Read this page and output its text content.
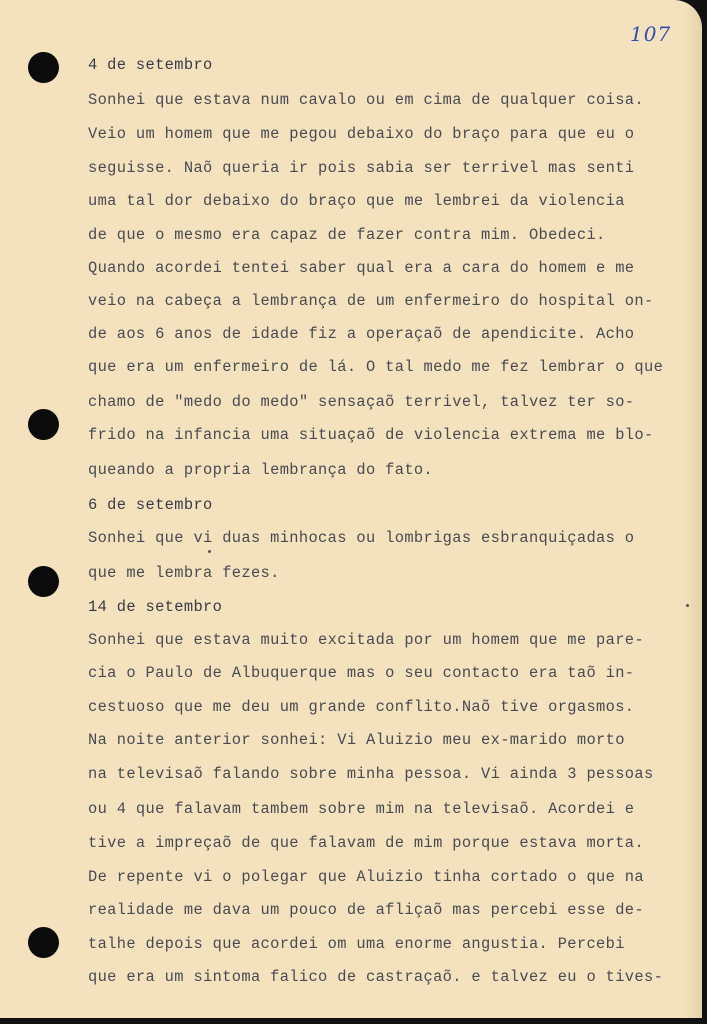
107
4 de setembro
Sonhei que estava num cavalo ou em cima de qualquer coisa.
Veio um homem que me pegou debaixo do braço para que eu o
seguisse. Naõ queria ir pois sabia ser terrivel mas senti
uma tal dor debaixo do braço que me lembrei da violencia
de que o mesmo era capaz de fazer contra mim. Obedeci.
Quando acordei tentei saber qual era a cara do homem e me
veio na cabeça a lembrança de um enfermeiro do hospital on-
de aos 6 anos de idade fiz a operaçaõ de apendicite. Acho
que era um enfermeiro de lá. O tal medo me fez lembrar o que
chamo de "medo do medo" sensaçaõ terrivel, talvez ter so-
frido na infancia uma situaçaõ de violencia extrema me blo-
queando a propria lembrança do fato.
6 de setembro
Sonhei que vi duas minhocas ou lombrigas esbranquiçadas o
que me lembra fezes.
14 de setembro
Sonhei que estava muito excitada por um homem que me pare-
cia o Paulo de Albuquerque mas o seu contacto era taõ in-
cestuoso que me deu um grande conflito.Naõ tive orgasmos.
Na noite anterior sonhei: Vi Aluizio meu ex-marido morto
na televisaõ falando sobre minha pessoa. Vi ainda 3 pessoas
ou 4 que falavam tambem sobre mim na televisaõ. Acordei e
tive a impreçaõ de que falavam de mim porque estava morta.
De repente vi o polegar que Aluizio tinha cortado o que na
realidade me dava um pouco de afliçaõ mas percebi esse de-
talhe depois que acordei om uma enorme angustia. Percebi
que era um sintoma falico de castraçaõ. e talvez eu o tives-
